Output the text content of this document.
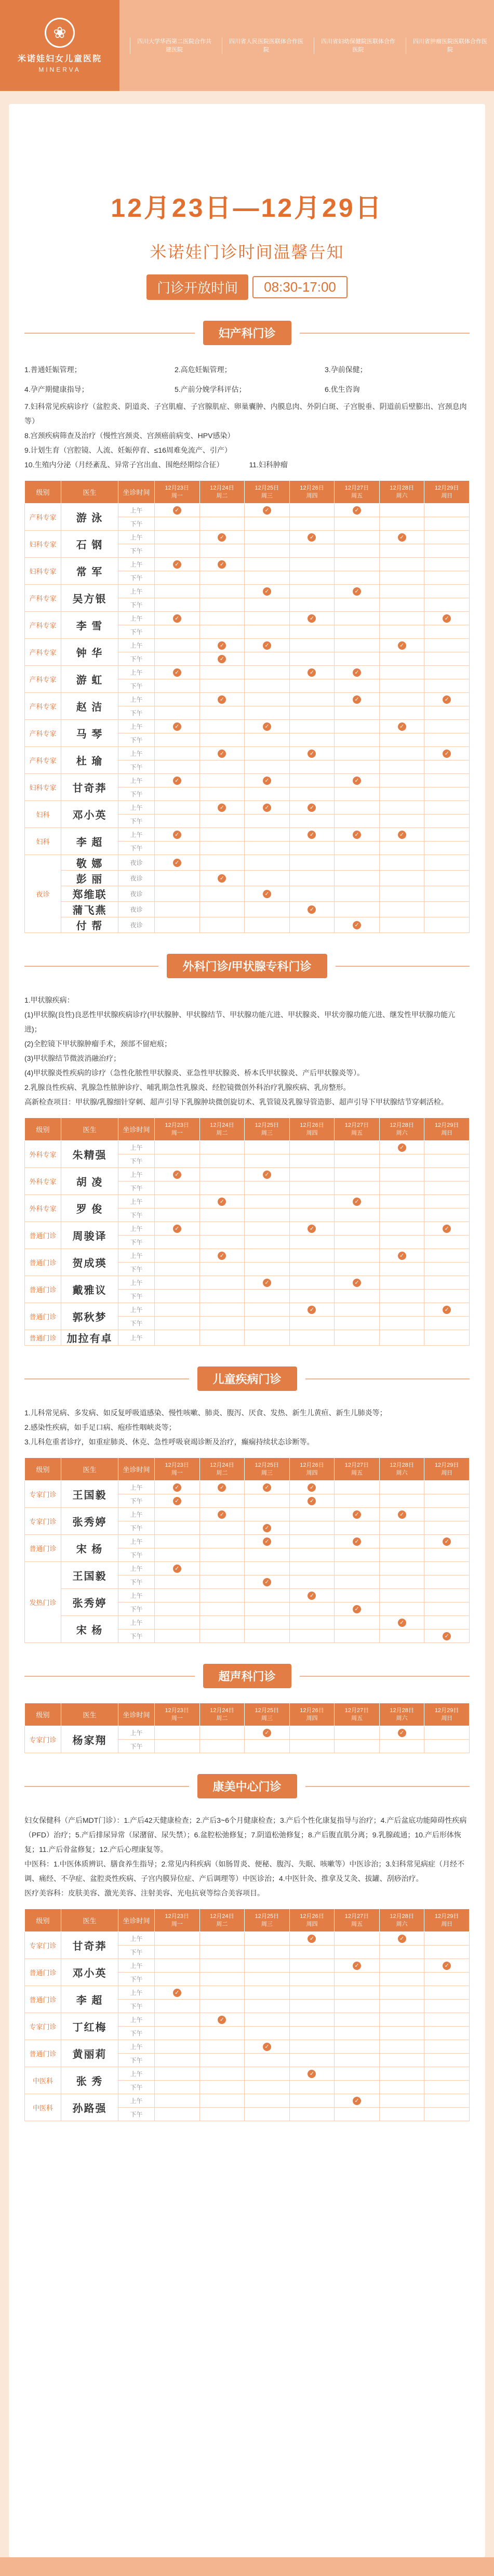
❀
米诺娃妇女儿童医院
MINERVA
四川大学华西第二医院合作共建医院
四川省人民医院医联体合作医院
四川省妇幼保健院医联体合作医院
四川省肿瘤医院医联体合作医院
12月23日—12月29日
米诺娃门诊时间温馨告知
门诊开放时间	08:30-17:00
妇产科门诊
1.普通妊娠管理；	2.高危妊娠管理；	3.孕前保健；
4.孕产期健康指导；	5.产前分娩学科评估；	6.优生咨询

7.妇科常见疾病诊疗（盆腔炎、阴道炎、子宫肌瘤、子宫腺肌症、卵巢囊肿、内膜息肉、外阴白斑、子宫脱垂、阴道前后壁膨出、宫颈息肉等）

8.宫颈疾病筛查及治疗（慢性宫颈炎、宫颈癌前病变、HPV感染）

9.计划生育（宫腔镜、人流、妊娠停育、≤16周难免流产、引产）

10.生殖内分泌（月经紊乱、异常子宫出血、围绝经期综合征）　　　　11.妇科肿瘤

级别	医生	坐诊时间	12月23日
周一	12月24日
周二	12月25日
周三	12月26日
周四	12月27日
周五	12月28日
周六	12月29日
周日
产科专家	游 泳	上午	✓		✓		✓		
		下午							
妇科专家	石 钢	上午		✓		✓		✓	
		下午							
妇科专家	常 军	上午	✓	✓					
		下午							
产科专家	吴方银	上午			✓		✓		
		下午							
产科专家	李 雪	上午	✓			✓			✓
		下午							
产科专家	钟 华	上午		✓	✓			✓	
		下午		✓					
产科专家	游 虹	上午	✓			✓	✓		
		下午							
产科专家	赵 洁	上午		✓			✓		✓
		下午							
产科专家	马 琴	上午	✓		✓			✓	
		下午							
产科专家	杜 瑜	上午		✓		✓			✓
		下午							
妇科专家	甘奇莽	上午	✓		✓		✓		
		下午							
妇科	邓小英	上午		✓	✓	✓			
		下午							
妇科	李 超	上午	✓			✓	✓	✓	
		下午							
夜诊	敬 娜	夜诊	✓						
	彭 丽	夜诊		✓					
	郑维联	夜诊			✓				
	蒲飞燕	夜诊				✓			
	付 帮	夜诊					✓		
外科门诊/甲状腺专科门诊

1.甲状腺疾病：

(1)甲状腺(良性)良恶性甲状腺疾病诊疗(甲状腺肿、甲状腺结节、甲状腺功能亢进、甲状腺炎、甲状旁腺功能亢进、继发性甲状腺功能亢进)；

(2)全腔镜下甲状腺肿瘤手术，颈部不留疤痕；

(3)甲状腺结节微波消融治疗；

(4)甲状腺炎性疾病的诊疗（急性化脓性甲状腺炎、亚急性甲状腺炎、桥本氏甲状腺炎、产后甲状腺炎等）。

2.乳腺良性疾病、乳腺急性脓肿诊疗、哺乳期急性乳腺炎、经腔镜微创外科治疗乳腺疾病、乳房整形。

高新检查项目：甲状腺/乳腺细针穿刺、超声引导下乳腺肿块微创旋切术、乳管镜及乳腺导管造影、超声引导下甲状腺结节穿刺活检。

级别	医生	坐诊时间	12月23日
周一	12月24日
周二	12月25日
周三	12月26日
周四	12月27日
周五	12月28日
周六	12月29日
周日
外科专家	朱精强	上午						✓	
		下午							
外科专家	胡 凌	上午	✓		✓				
		下午							
外科专家	罗 俊	上午		✓			✓		
		下午							
普通门诊	周骏译	上午	✓			✓			✓
		下午							
普通门诊	贺成瑛	上午		✓				✓	
		下午							
普通门诊	戴雅议	上午			✓		✓		
		下午							
普通门诊	郭秋梦	上午				✓			✓
		下午							
普通门诊	加拉有卓	上午							
儿童疾病门诊

1.儿科常见病、多发病、如反复呼吸道感染、慢性咳嗽、肺炎、腹泻、厌食、发热、新生儿黄疸、新生儿肺炎等；

2.感染性疾病，如手足口病、疱疹性咽峡炎等；

3.儿科危重者诊疗，如重症肺炎、休克、急性呼吸衰竭诊断及治疗，癫痫持续状态诊断等。

级别	医生	坐诊时间	12月23日
周一	12月24日
周二	12月25日
周三	12月26日
周四	12月27日
周五	12月28日
周六	12月29日
周日
专家门诊	王国毅	上午	✓	✓	✓	✓			
		下午	✓			✓			
专家门诊	张秀婷	上午		✓			✓	✓	
		下午			✓				
普通门诊	宋 杨	上午			✓		✓		✓
		下午							
发热门诊	王国毅	上午	✓						
		下午			✓				
	张秀婷	上午				✓			
		下午					✓		
	宋 杨	上午						✓	
		下午							✓
超声科门诊
级别	医生	坐诊时间	12月23日
周一	12月24日
周二	12月25日
周三	12月26日
周四	12月27日
周五	12月28日
周六	12月29日
周日
专家门诊	杨家翔	上午			✓			✓	
		下午							
康美中心门诊

妇女保健科（产后MDT门诊）：1.产后42天健康检查；2.产后3~6个月健康检查；3.产后个性化康复指导与治疗；4.产后盆底功能障碍性疾病（PFD）治疗；5.产后排尿异常（尿潴留、尿失禁）；6.盆腔松弛修复；7.阴道松弛修复；8.产后腹直肌分离；9.乳腺疏通；10.产后形体恢复；11.产后骨盆修复；12.产后心理康复等。

中医科：1.中医体质辨识、膳食养生指导；2.常见内科疾病（如肠胃炎、便秘、腹泻、失眠、咳嗽等）中医诊治；3.妇科常见病症（月经不调、痛经、不孕症、盆腔炎性疾病、子宫内膜异位症、产后调理等）中医诊治；4.中医针灸、推拿及艾灸、拔罐、刮痧治疗。

医疗美容科：皮肤美容、激光美容、注射美容、光电抗衰等综合美容项目。

级别	医生	坐诊时间	12月23日
周一	12月24日
周二	12月25日
周三	12月26日
周四	12月27日
周五	12月28日
周六	12月29日
周日
专家门诊	甘奇莽	上午				✓		✓	
		下午							
普通门诊	邓小英	上午					✓		✓
		下午							
普通门诊	李 超	上午	✓						
		下午							
专家门诊	丁红梅	上午		✓					
		下午							
普通门诊	黄丽莉	上午			✓				
		下午							
中医科	张 秀	上午				✓			
		下午							
中医科	孙路强	上午					✓		
		下午							
